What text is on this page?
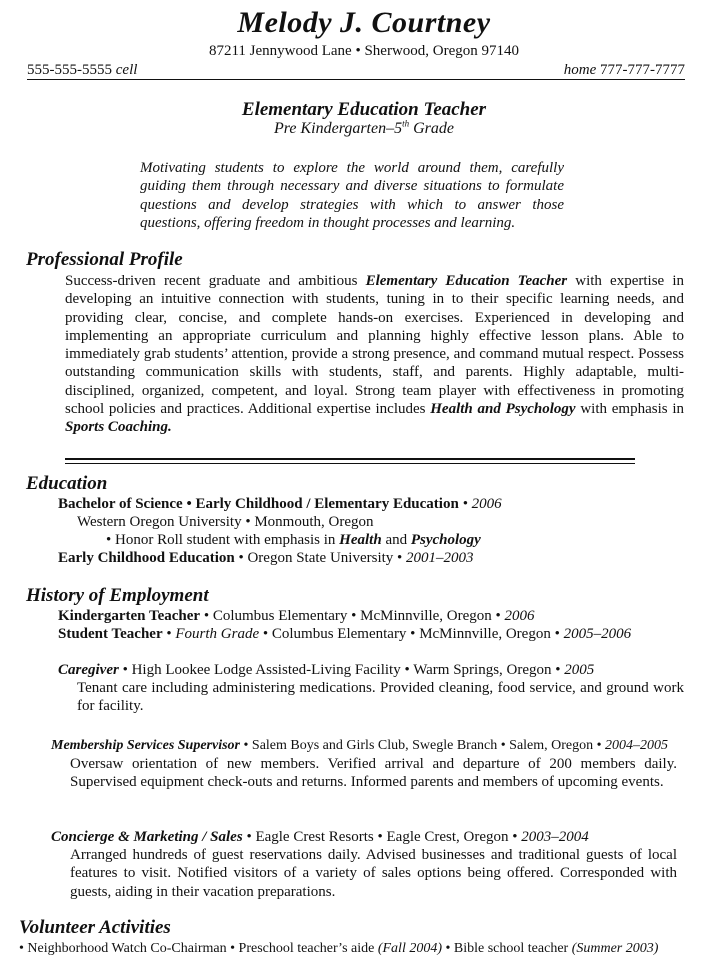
Melody J. Courtney
87211 Jennywood Lane • Sherwood, Oregon 97140
555-555-5555 cell	home 777-777-7777
Elementary Education Teacher
Pre Kindergarten–5th Grade
Motivating students to explore the world around them, carefully guiding them through necessary and diverse situations to formulate questions and develop strategies with which to answer those questions, offering freedom in thought processes and learning.
Professional Profile
Success-driven recent graduate and ambitious Elementary Education Teacher with expertise in developing an intuitive connection with students, tuning in to their specific learning needs, and providing clear, concise, and complete hands-on exercises. Experienced in developing and implementing an appropriate curriculum and planning highly effective lesson plans. Able to immediately grab students’ attention, provide a strong presence, and command mutual respect. Possess outstanding communication skills with students, staff, and parents. Highly adaptable, multi-disciplined, organized, competent, and loyal. Strong team player with effectiveness in promoting school policies and practices. Additional expertise includes Health and Psychology with emphasis in Sports Coaching.
Education
Bachelor of Science • Early Childhood / Elementary Education • 2006
Western Oregon University • Monmouth, Oregon
• Honor Roll student with emphasis in Health and Psychology
Early Childhood Education • Oregon State University • 2001–2003
History of Employment
Kindergarten Teacher • Columbus Elementary • McMinnville, Oregon • 2006
Student Teacher • Fourth Grade • Columbus Elementary • McMinnville, Oregon • 2005–2006
Caregiver • High Lookee Lodge Assisted-Living Facility • Warm Springs, Oregon • 2005
Tenant care including administering medications. Provided cleaning, food service, and ground work for facility.
Membership Services Supervisor • Salem Boys and Girls Club, Swegle Branch • Salem, Oregon • 2004–2005
Oversaw orientation of new members. Verified arrival and departure of 200 members daily. Supervised equipment check-outs and returns. Informed parents and members of upcoming events.
Concierge & Marketing / Sales • Eagle Crest Resorts • Eagle Crest, Oregon • 2003–2004
Arranged hundreds of guest reservations daily. Advised businesses and traditional guests of local features to visit. Notified visitors of a variety of sales options being offered. Corresponded with guests, aiding in their vacation preparations.
Volunteer Activities
• Neighborhood Watch Co-Chairman • Preschool teacher’s aide (Fall 2004) • Bible school teacher (Summer 2003)
